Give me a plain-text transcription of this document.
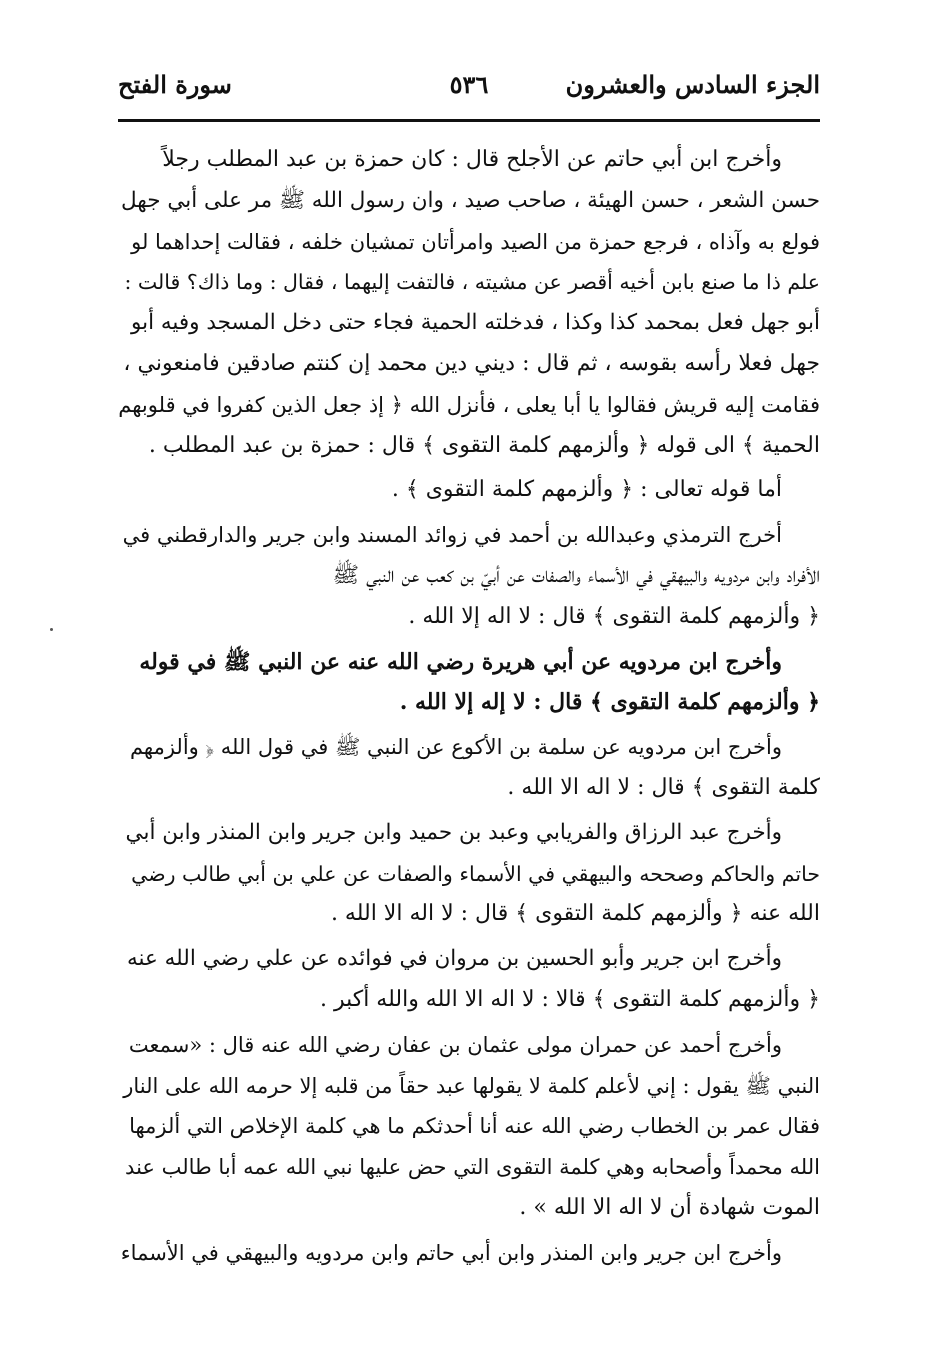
الجزء السادس والعشرون
٥٣٦
سورة الفتح
وأخرج ابن أبي حاتم عن الأجلح قال : كان حمزة بن عبد المطلب رجلاً
حسن الشعر ، حسن الهيئة ، صاحب صيد ، وان رسول الله ﷺ مر على أبي جهل
فولع به وآذاه ، فرجع حمزة من الصيد وامرأتان تمشيان خلفه ، فقالت إحداهما لو
علم ذا ما صنع بابن أخيه أقصر عن مشيته ، فالتفت إليهما ، فقال : وما ذاك؟ قالت :
أبو جهل فعل بمحمد كذا وكذا ، فدخلته الحمية فجاء حتى دخل المسجد وفيه أبو
جهل فعلا رأسه بقوسه ، ثم قال : ديني دين محمد إن كنتم صادقين فامنعوني ،
فقامت إليه قريش فقالوا يا أبا يعلى ، فأنزل الله ﴿ إذ جعل الذين كفروا في قلوبهم
الحمية ﴾ الى قوله ﴿ وألزمهم كلمة التقوى ﴾ قال : حمزة بن عبد المطلب .
أما قوله تعالى : ﴿ وألزمهم كلمة التقوى ﴾ .
أخرج الترمذي وعبدالله بن أحمد في زوائد المسند وابن جرير والدارقطني في
الأفراد وابن مردويه والبيهقي في الأسماء والصفات عن أبيّ بن كعب عن النبي ﷺ
﴿ وألزمهم كلمة التقوى ﴾ قال : لا اله إلا الله .
وأخرج ابن مردويه عن أبي هريرة رضي الله عنه عن النبي ﷺ في قوله
﴿ وألزمهم كلمة التقوى ﴾ قال : لا إله إلا الله .
وأخرج ابن مردويه عن سلمة بن الأكوع عن النبي ﷺ في قول الله ﴿ وألزمهم
كلمة التقوى ﴾ قال : لا اله الا الله .
وأخرج عبد الرزاق والفريابي وعبد بن حميد وابن جرير وابن المنذر وابن أبي
حاتم والحاكم وصححه والبيهقي في الأسماء والصفات عن علي بن أبي طالب رضي
الله عنه ﴿ وألزمهم كلمة التقوى ﴾ قال : لا اله الا الله .
وأخرج ابن جرير وأبو الحسين بن مروان في فوائده عن علي رضي الله عنه
﴿ وألزمهم كلمة التقوى ﴾ قالا : لا اله الا الله والله أكبر .
وأخرج أحمد عن حمران مولى عثمان بن عفان رضي الله عنه قال : «سمعت
النبي ﷺ يقول : إني لأعلم كلمة لا يقولها عبد حقاً من قلبه إلا حرمه الله على النار
فقال عمر بن الخطاب رضي الله عنه أنا أحدثكم ما هي كلمة الإخلاص التي ألزمها
الله محمداً وأصحابه وهي كلمة التقوى التي حض عليها نبي الله عمه أبا طالب عند
الموت شهادة أن لا اله الا الله » .
وأخرج ابن جرير وابن المنذر وابن أبي حاتم وابن مردويه والبيهقي في الأسماء
